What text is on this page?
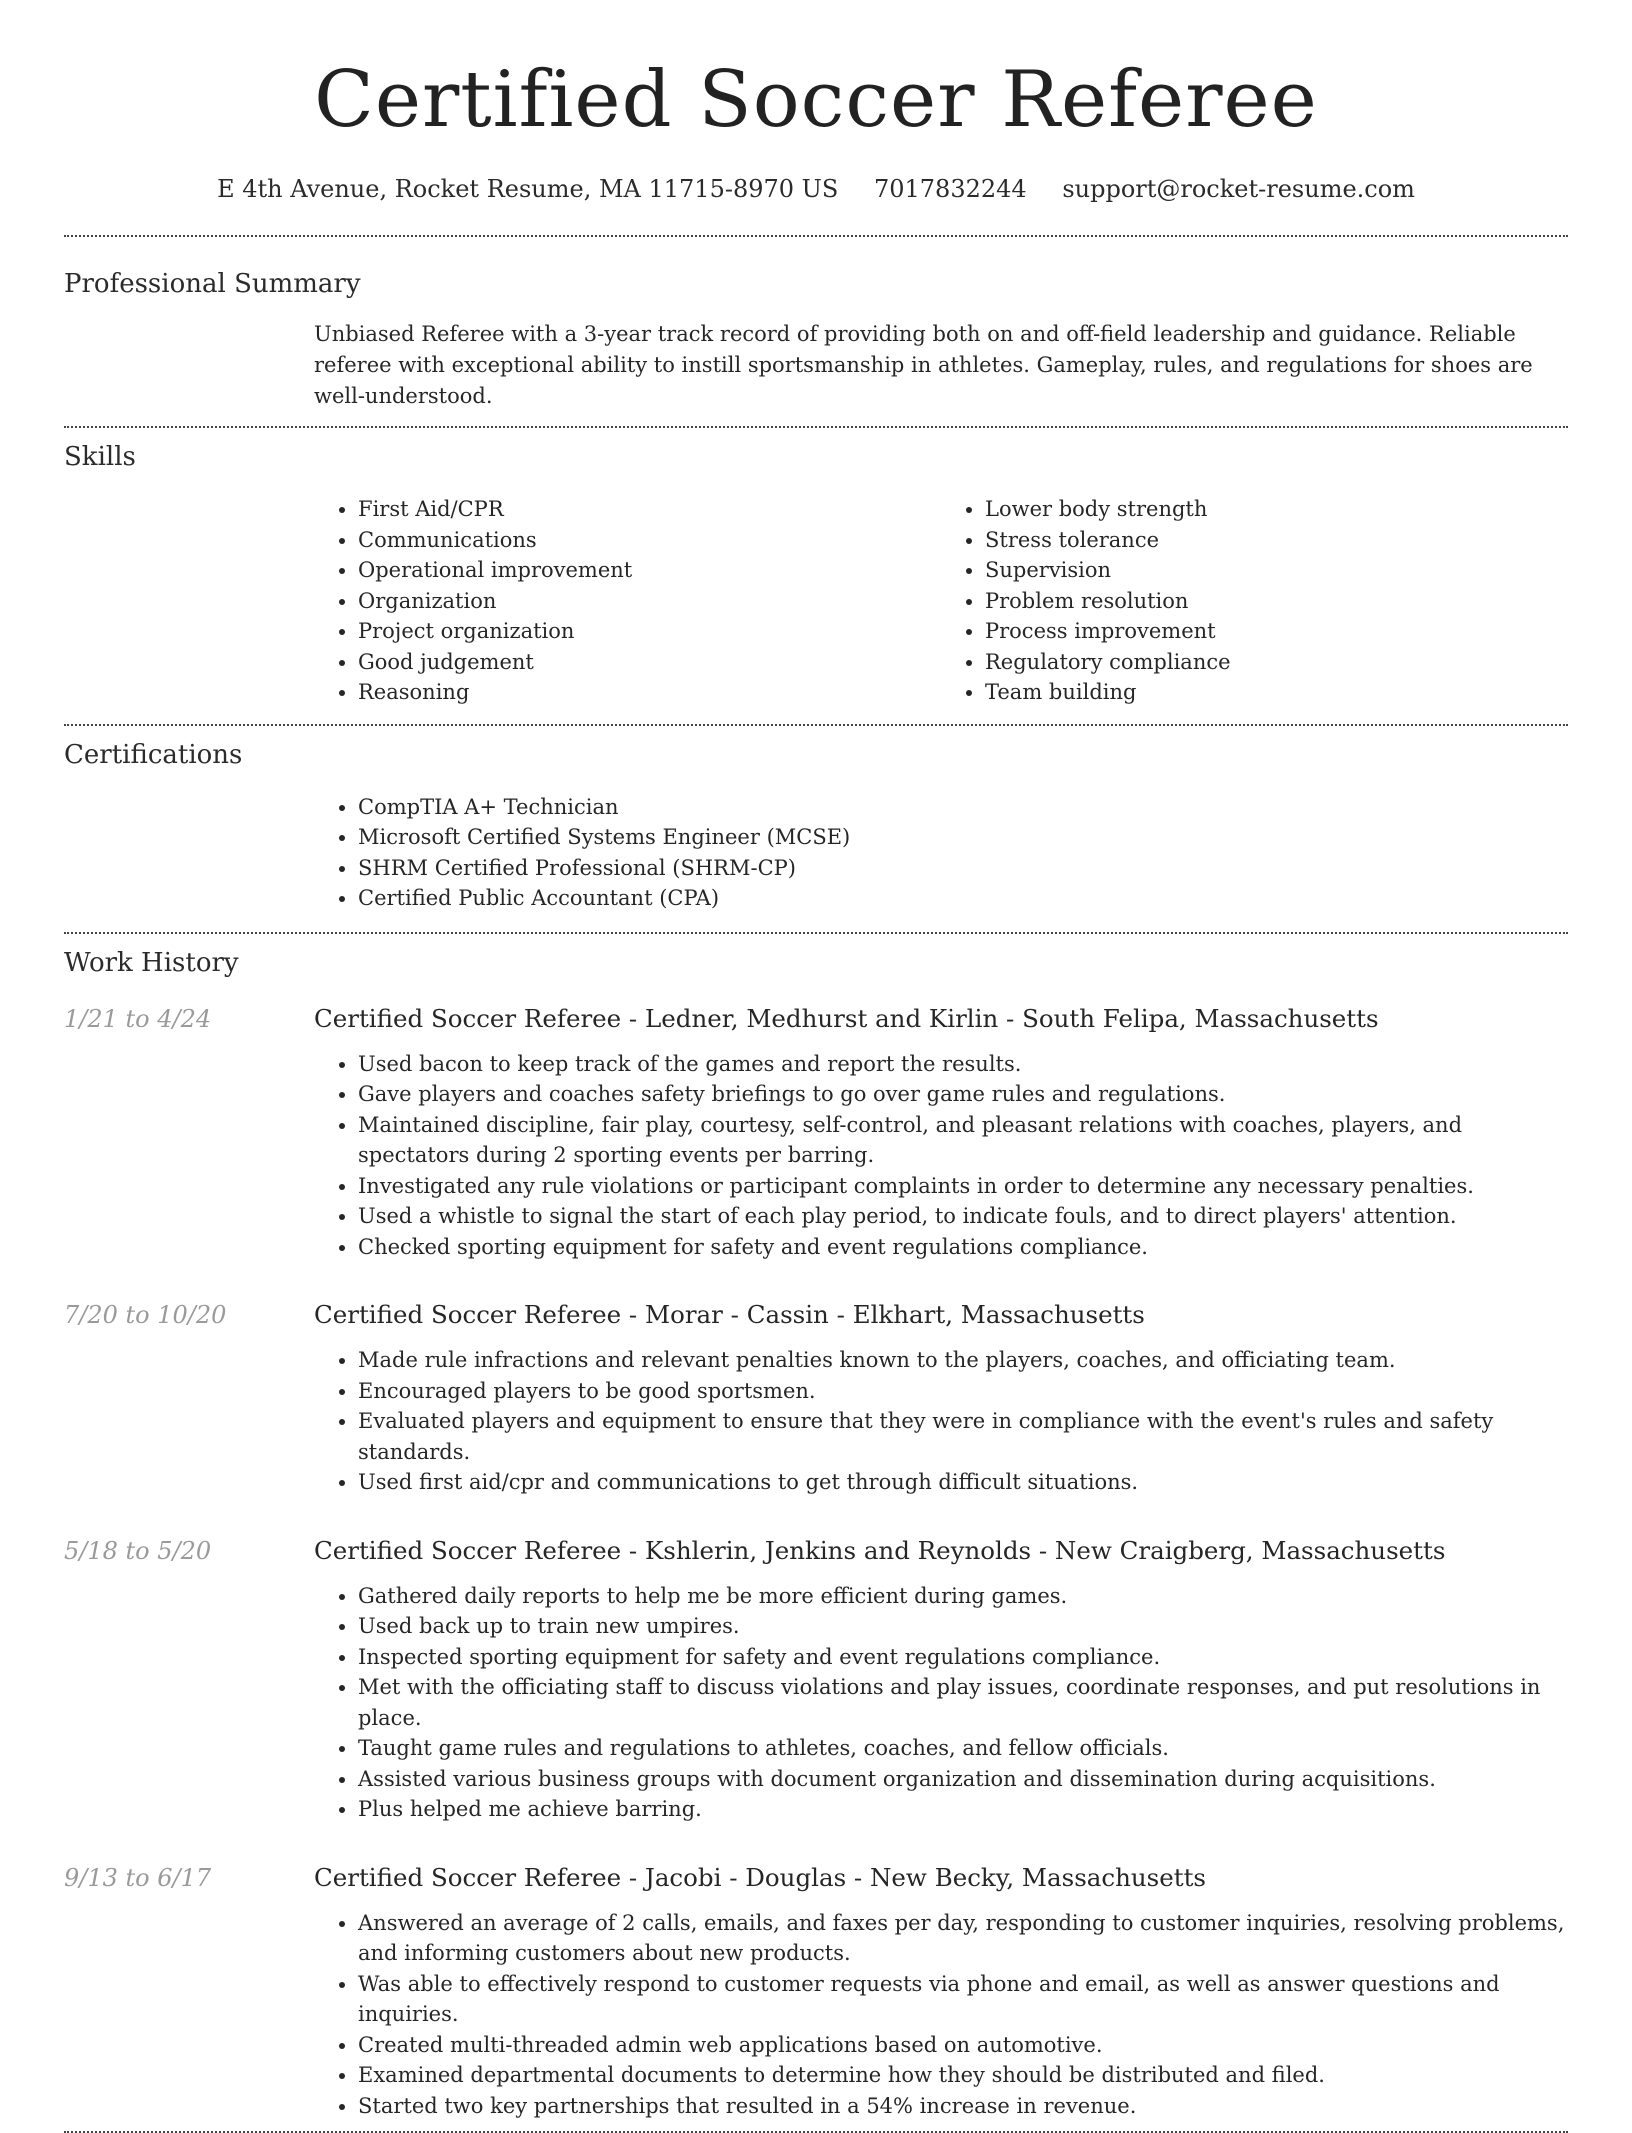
Certified Soccer Referee
E 4th Avenue, Rocket Resume, MA 11715-8970 US 7017832244 support@rocket-resume.com
Professional Summary
Unbiased Referee with a 3-year track record of providing both on and off-field leadership and guidance. Reliable referee with exceptional ability to instill sportsmanship in athletes. Gameplay, rules, and regulations for shoes are well-understood.
Skills
• First Aid/CPR
• Communications
• Operational improvement
• Organization
• Project organization
• Good judgement
• Reasoning
• Lower body strength
• Stress tolerance
• Supervision
• Problem resolution
• Process improvement
• Regulatory compliance
• Team building
Certifications
• CompTIA A+ Technician
• Microsoft Certified Systems Engineer (MCSE)
• SHRM Certified Professional (SHRM-CP)
• Certified Public Accountant (CPA)
Work History
1/21 to 4/24	Certified Soccer Referee - Ledner, Medhurst and Kirlin - South Felipa, Massachusetts
• Used bacon to keep track of the games and report the results.
• Gave players and coaches safety briefings to go over game rules and regulations.
• Maintained discipline, fair play, courtesy, self-control, and pleasant relations with coaches, players, and spectators during 2 sporting events per barring.
• Investigated any rule violations or participant complaints in order to determine any necessary penalties.
• Used a whistle to signal the start of each play period, to indicate fouls, and to direct players' attention.
• Checked sporting equipment for safety and event regulations compliance.
7/20 to 10/20	Certified Soccer Referee - Morar - Cassin - Elkhart, Massachusetts
• Made rule infractions and relevant penalties known to the players, coaches, and officiating team.
• Encouraged players to be good sportsmen.
• Evaluated players and equipment to ensure that they were in compliance with the event's rules and safety standards.
• Used first aid/cpr and communications to get through difficult situations.
5/18 to 5/20	Certified Soccer Referee - Kshlerin, Jenkins and Reynolds - New Craigberg, Massachusetts
• Gathered daily reports to help me be more efficient during games.
• Used back up to train new umpires.
• Inspected sporting equipment for safety and event regulations compliance.
• Met with the officiating staff to discuss violations and play issues, coordinate responses, and put resolutions in place.
• Taught game rules and regulations to athletes, coaches, and fellow officials.
• Assisted various business groups with document organization and dissemination during acquisitions.
• Plus helped me achieve barring.
9/13 to 6/17	Certified Soccer Referee - Jacobi - Douglas - New Becky, Massachusetts
• Answered an average of 2 calls, emails, and faxes per day, responding to customer inquiries, resolving problems, and informing customers about new products.
• Was able to effectively respond to customer requests via phone and email, as well as answer questions and inquiries.
• Created multi-threaded admin web applications based on automotive.
• Examined departmental documents to determine how they should be distributed and filed.
• Started two key partnerships that resulted in a 54% increase in revenue.
